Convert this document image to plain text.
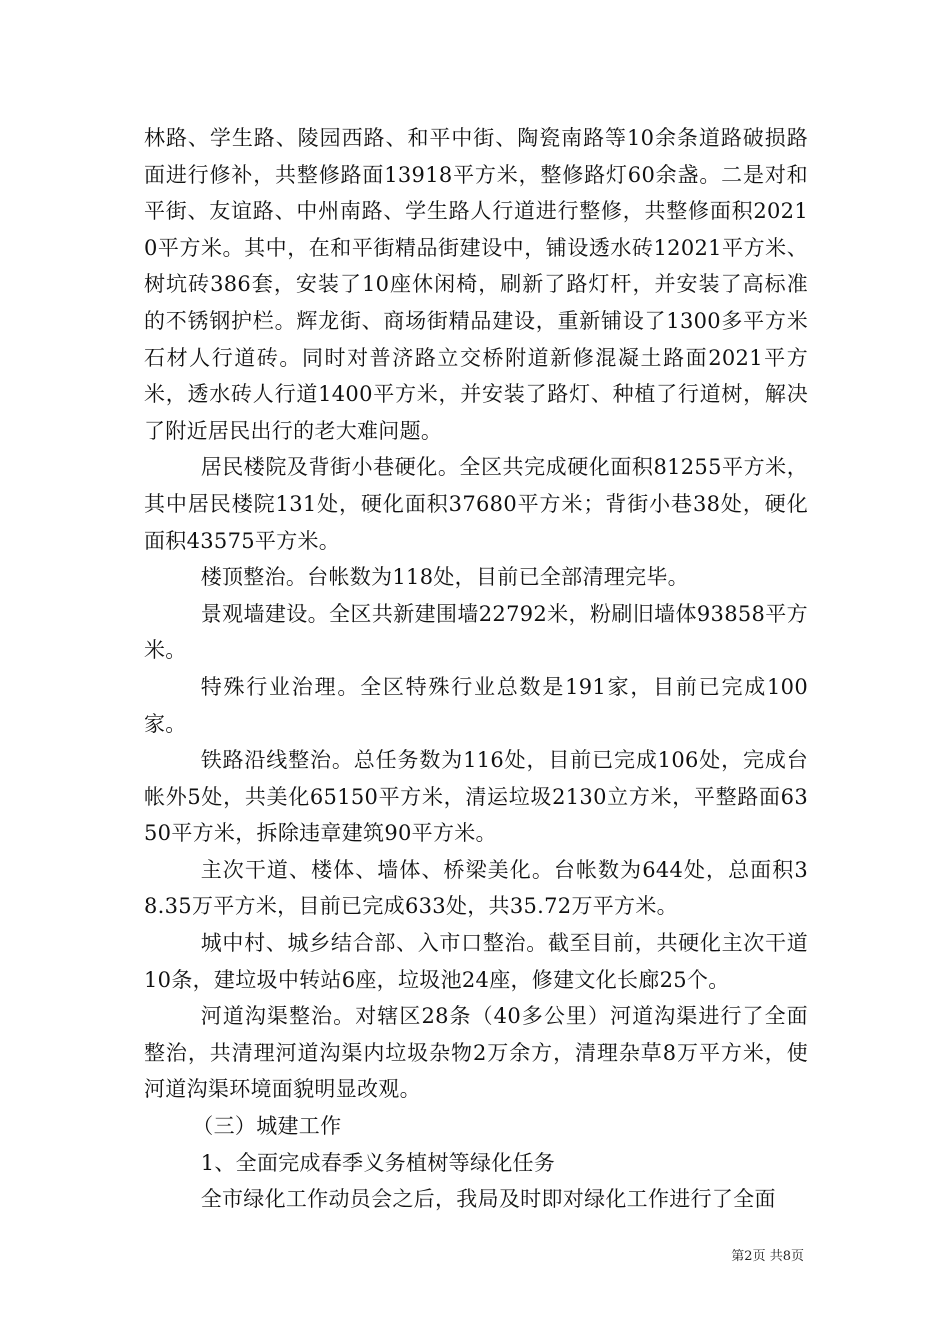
林路、学生路、陵园西路、和平中街、陶瓷南路等10余条道路破损路面进行修补，共整修路面13918平方米，整修路灯60余盏。二是对和平街、友谊路、中州南路、学生路人行道进行整修，共整修面积20210平方米。其中，在和平街精品街建设中，铺设透水砖12021平方米、树坑砖386套，安装了10座休闲椅，刷新了路灯杆，并安装了高标准的不锈钢护栏。辉龙街、商场街精品建设，重新铺设了1300多平方米石材人行道砖。同时对普济路立交桥附道新修混凝土路面2021平方米，透水砖人行道1400平方米，并安装了路灯、种植了行道树，解决了附近居民出行的老大难问题。

居民楼院及背街小巷硬化。全区共完成硬化面积81255平方米，其中居民楼院131处，硬化面积37680平方米；背街小巷38处，硬化面积43575平方米。

楼顶整治。台帐数为118处，目前已全部清理完毕。

景观墙建设。全区共新建围墙22792米，粉刷旧墙体93858平方米。

特殊行业治理。全区特殊行业总数是191家，目前已完成100家。

铁路沿线整治。总任务数为116处，目前已完成106处，完成台帐外5处，共美化65150平方米，清运垃圾2130立方米，平整路面6350平方米，拆除违章建筑90平方米。

主次干道、楼体、墙体、桥梁美化。台帐数为644处，总面积38.35万平方米，目前已完成633处，共35.72万平方米。

城中村、城乡结合部、入市口整治。截至目前，共硬化主次干道10条，建垃圾中转站6座，垃圾池24座，修建文化长廊25个。

河道沟渠整治。对辖区28条（40多公里）河道沟渠进行了全面整治，共清理河道沟渠内垃圾杂物2万余方，清理杂草8万平方米，使河道沟渠环境面貌明显改观。

（三）城建工作

1、全面完成春季义务植树等绿化任务

全市绿化工作动员会之后，我局及时即对绿化工作进行了全面

第2页 共8页
